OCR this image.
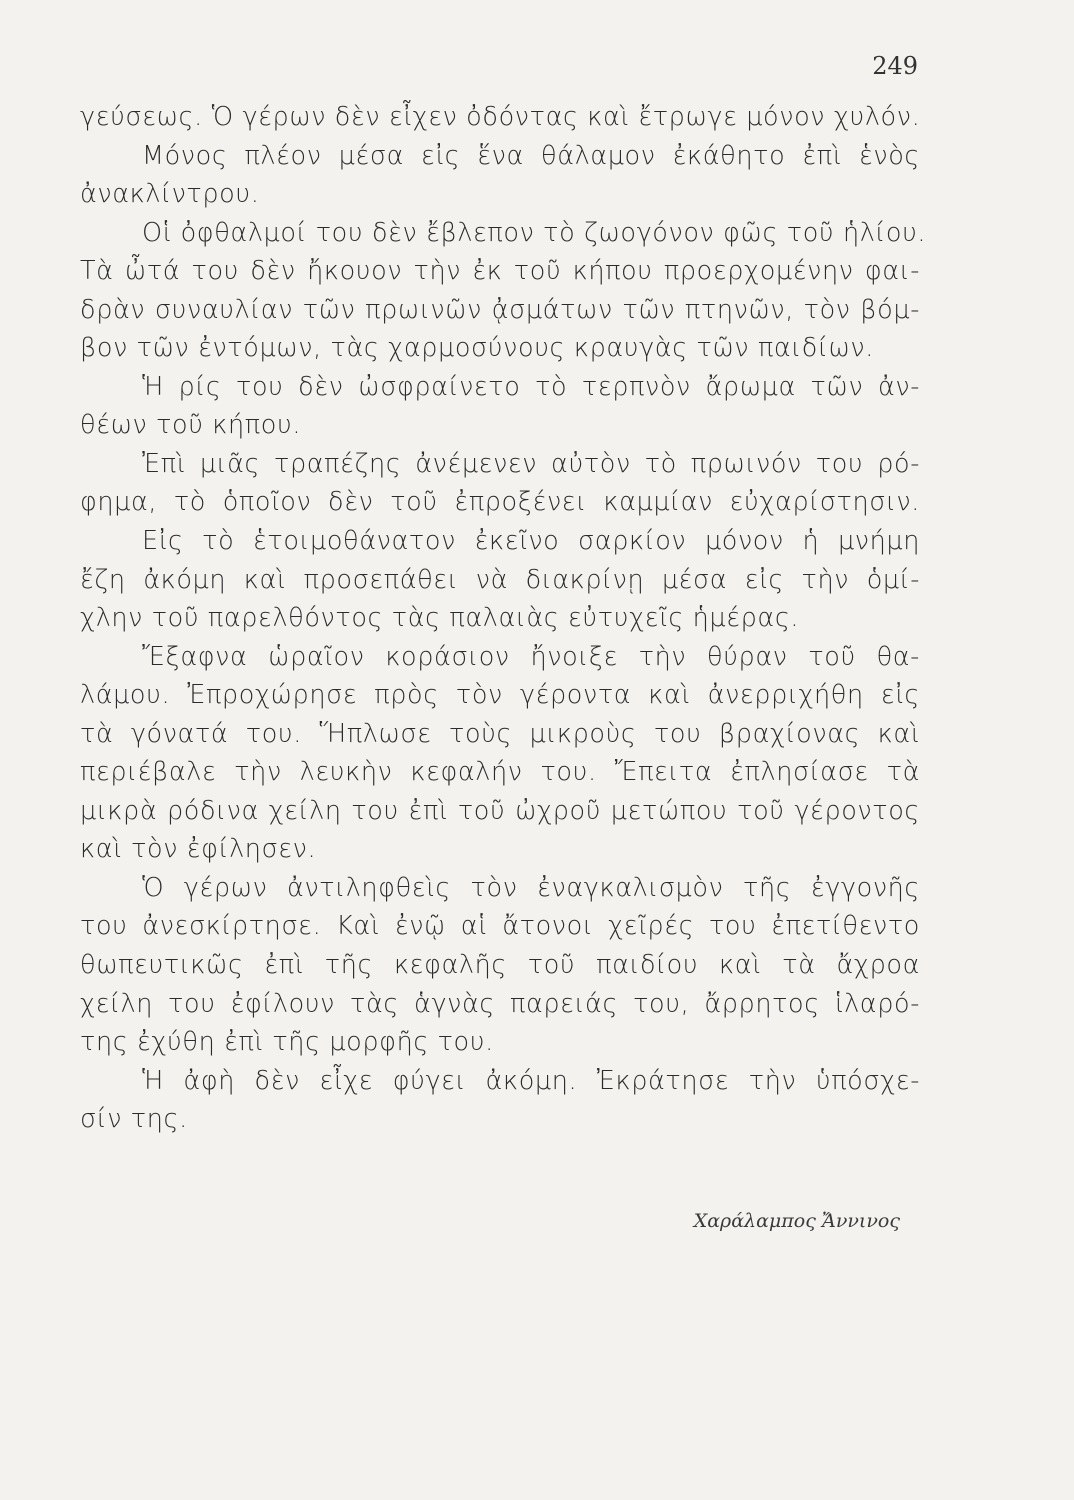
249
γεύσεως. Ὁ γέρων δὲν εἶχεν ὀδόντας καὶ ἔτρωγε μόνον χυλόν.
Μόνος πλέον μέσα εἰς ἕνα θάλαμον ἐκάθητο ἐπὶ ἑνὸς
ἀνακλίντρου.
Οἱ ὀφθαλμοί του δὲν ἔβλεπον τὸ ζωογόνον φῶς τοῦ ἡλίου.
Τὰ ὦτά του δὲν ἤκουον τὴν ἐκ τοῦ κήπου προερχομένην φαι-
δρὰν συναυλίαν τῶν πρωινῶν ᾀσμάτων τῶν πτηνῶν, τὸν βόμ-
βον τῶν ἐντόμων, τὰς χαρμοσύνους κραυγὰς τῶν παιδίων.
Ἡ ρίς του δὲν ὠσφραίνετο τὸ τερπνὸν ἄρωμα τῶν ἀν-
θέων τοῦ κήπου.
Ἐπὶ μιᾶς τραπέζης ἀνέμενεν αὐτὸν τὸ πρωινόν του ρό-
φημα, τὸ ὁποῖον δὲν τοῦ ἐπροξένει καμμίαν εὐχαρίστησιν.
Εἰς τὸ ἑτοιμοθάνατον ἐκεῖνο σαρκίον μόνον ἡ μνήμη
ἔζη ἀκόμη καὶ προσεπάθει νὰ διακρίνῃ μέσα εἰς τὴν ὁμί-
χλην τοῦ παρελθόντος τὰς παλαιὰς εὐτυχεῖς ἡμέρας.
Ἔξαφνα ὡραῖον κοράσιον ἤνοιξε τὴν θύραν τοῦ θα-
λάμου. Ἐπροχώρησε πρὸς τὸν γέροντα καὶ ἀνερριχήθη εἰς
τὰ γόνατά του. Ἥπλωσε τοὺς μικροὺς του βραχίονας καὶ
περιέβαλε τὴν λευκὴν κεφαλήν του. Ἔπειτα ἐπλησίασε τὰ
μικρὰ ρόδινα χείλη του ἐπὶ τοῦ ὠχροῦ μετώπου τοῦ γέροντος
καὶ τὸν ἐφίλησεν.
Ὁ γέρων ἀντιληφθεὶς τὸν ἐναγκαλισμὸν τῆς ἐγγονῆς
του ἀνεσκίρτησε. Καὶ ἐνῷ αἱ ἄτονοι χεῖρές του ἐπετίθεντο
θωπευτικῶς ἐπὶ τῆς κεφαλῆς τοῦ παιδίου καὶ τὰ ἄχροα
χείλη του ἐφίλουν τὰς ἁγνὰς παρειάς του, ἄρρητος ἱλαρό-
της ἐχύθη ἐπὶ τῆς μορφῆς του.
Ἡ ἀφὴ δὲν εἶχε φύγει ἀκόμη. Ἐκράτησε τὴν ὑπόσχε-
σίν της.
Χαράλαμπος Ἄννινος
